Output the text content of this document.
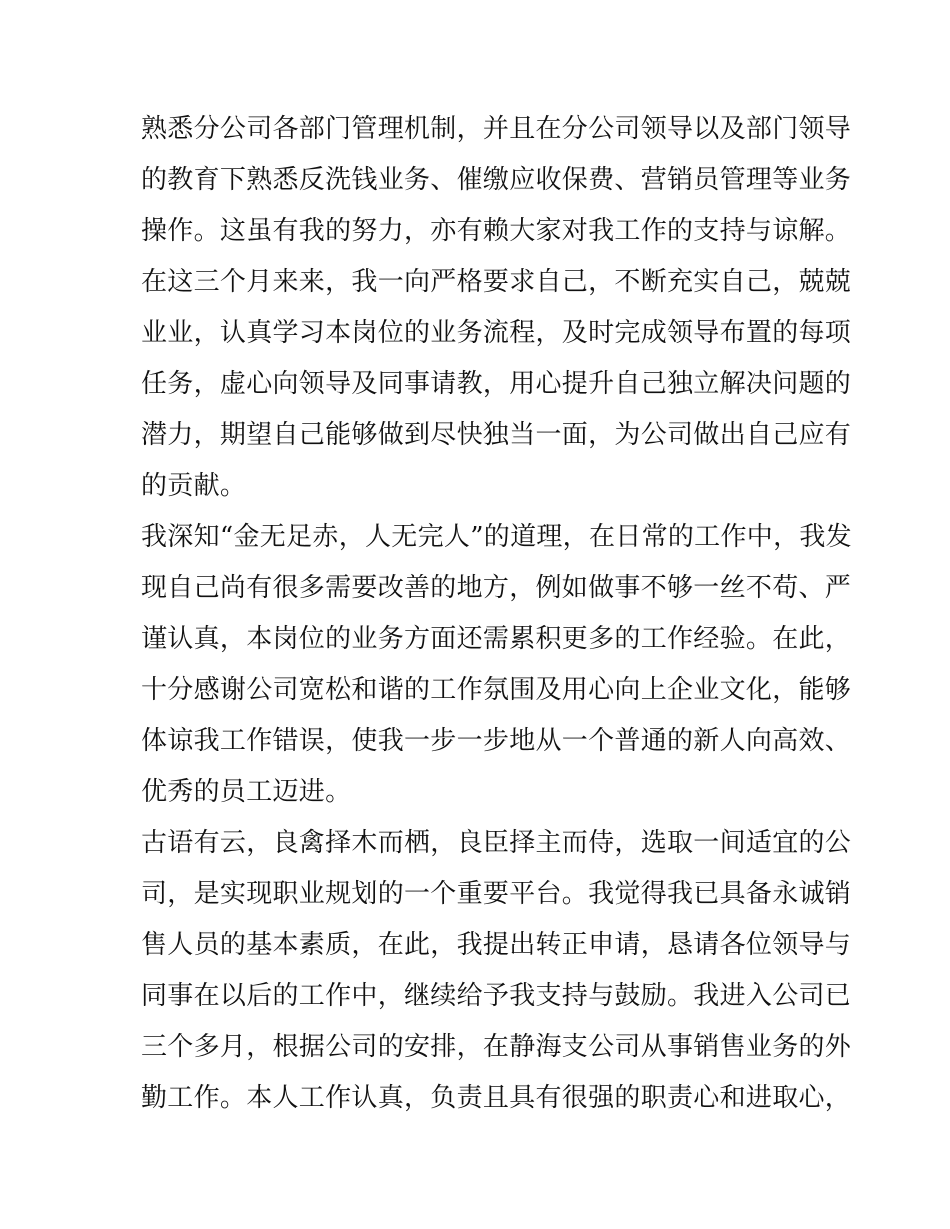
熟悉分公司各部门管理机制，并且在分公司领导以及部门领导
的教育下熟悉反洗钱业务、催缴应收保费、营销员管理等业务
操作。这虽有我的努力，亦有赖大家对我工作的支持与谅解。
在这三个月来来，我一向严格要求自己，不断充实自己，兢兢
业业，认真学习本岗位的业务流程，及时完成领导布置的每项
任务，虚心向领导及同事请教，用心提升自己独立解决问题的
潜力，期望自己能够做到尽快独当一面，为公司做出自己应有
的贡献。
我深知“金无足赤，人无完人”的道理，在日常的工作中，我发
现自己尚有很多需要改善的地方，例如做事不够一丝不苟、严
谨认真，本岗位的业务方面还需累积更多的工作经验。在此，
十分感谢公司宽松和谐的工作氛围及用心向上企业文化，能够
体谅我工作错误，使我一步一步地从一个普通的新人向高效、
优秀的员工迈进。
古语有云，良禽择木而栖，良臣择主而侍，选取一间适宜的公
司，是实现职业规划的一个重要平台。我觉得我已具备永诚销
售人员的基本素质，在此，我提出转正申请，恳请各位领导与
同事在以后的工作中，继续给予我支持与鼓励。我进入公司已
三个多月，根据公司的安排，在静海支公司从事销售业务的外
勤工作。本人工作认真，负责且具有很强的职责心和进取心，
